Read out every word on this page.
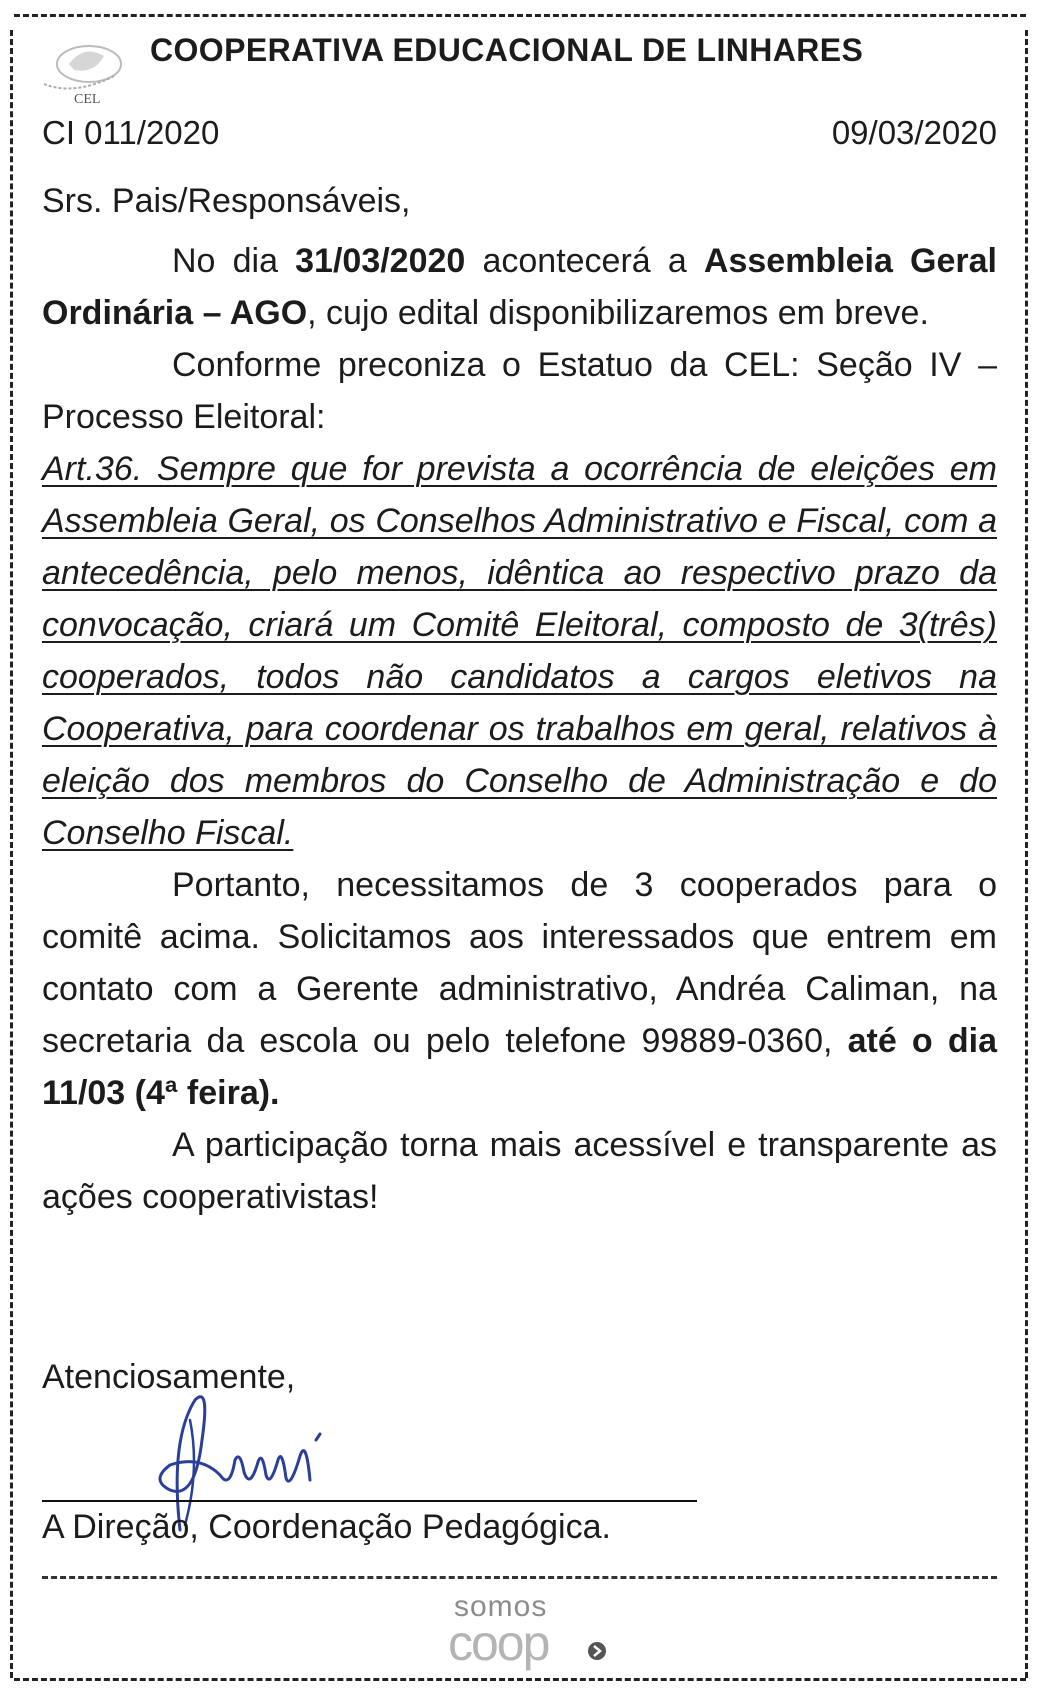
CEL
COOPERATIVA EDUCACIONAL DE LINHARES
CI 011/2020	09/03/2020

Srs. Pais/Responsáveis,

No dia 31/03/2020 acontecerá a Assembleia Geral Ordinária – AGO, cujo edital disponibilizaremos em breve.

Conforme preconiza o Estatuo da CEL: Seção IV – Processo Eleitoral:

Art.36. Sempre que for prevista a ocorrência de eleições em Assembleia Geral, os Conselhos Administrativo e Fiscal, com a antecedência, pelo menos, idêntica ao respectivo prazo da convocação, criará um Comitê Eleitoral, composto de 3(três) cooperados, todos não candidatos a cargos eletivos na Cooperativa, para coordenar os trabalhos em geral, relativos à eleição dos membros do Conselho de Administração e do Conselho Fiscal.

Portanto, necessitamos de 3 cooperados para o comitê acima. Solicitamos aos interessados que entrem em contato com a Gerente administrativo, Andréa Caliman, na secretaria da escola ou pelo telefone 99889-0360, até o dia 11/03 (4ª feira).

A participação torna mais acessível e transparente as ações cooperativistas!

Atenciosamente,
A Direção, Coordenação Pedagógica.
somos
coop
